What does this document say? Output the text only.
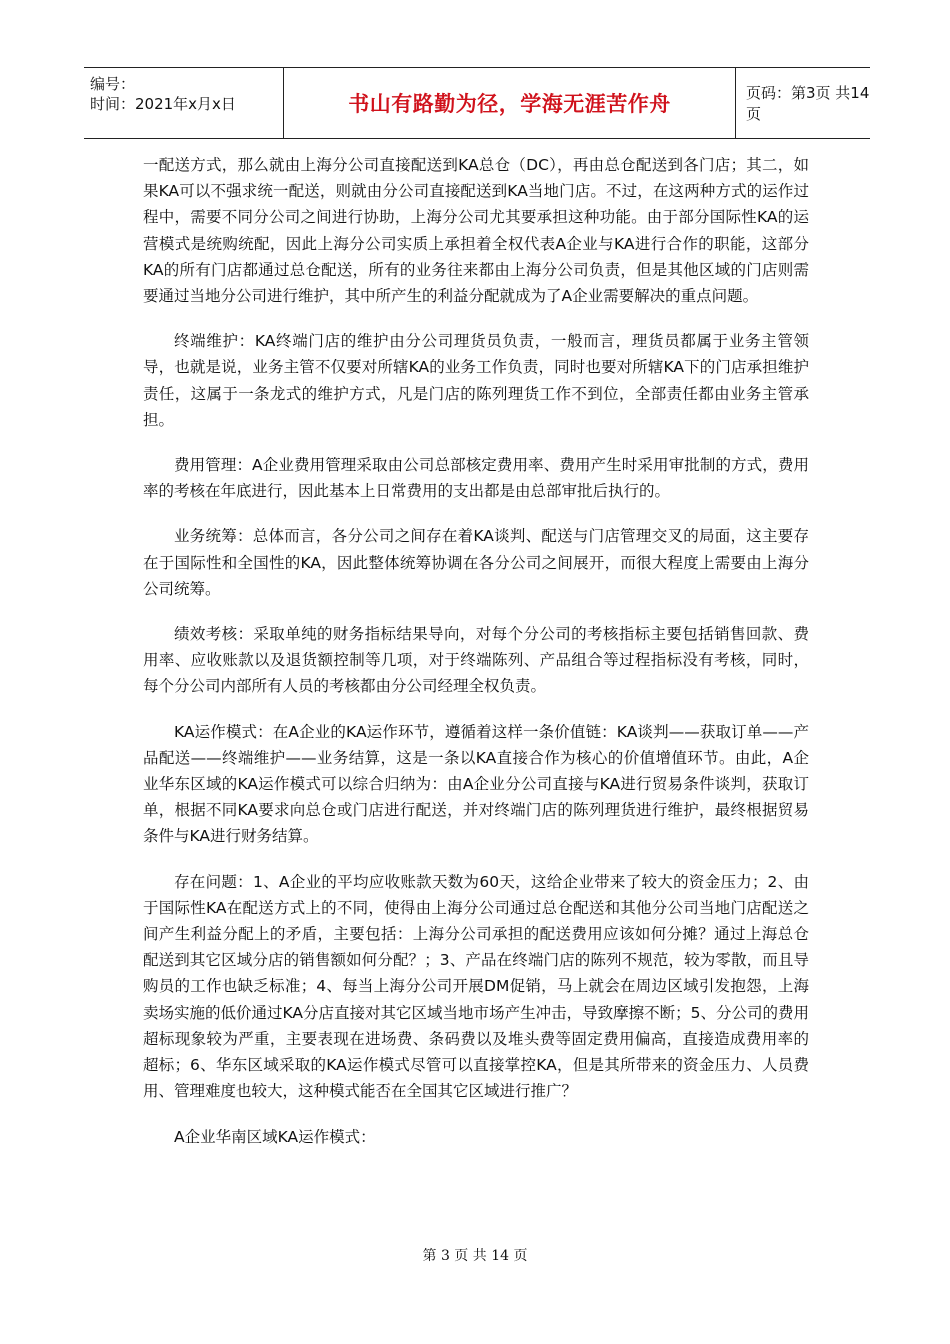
编号：
时间：2021年x月x日	书山有路勤为径，学海无涯苦作舟	页码：第3页 共14页

一配送方式，那么就由上海分公司直接配送到KA总仓（DC），再由总仓配送到各门店；其二，如果KA可以不强求统一配送，则就由分公司直接配送到KA当地门店。不过，在这两种方式的运作过程中，需要不同分公司之间进行协助，上海分公司尤其要承担这种功能。由于部分国际性KA的运营模式是统购统配，因此上海分公司实质上承担着全权代表A企业与KA进行合作的职能，这部分KA的所有门店都通过总仓配送，所有的业务往来都由上海分公司负责，但是其他区域的门店则需要通过当地分公司进行维护，其中所产生的利益分配就成为了A企业需要解决的重点问题。

终端维护：KA终端门店的维护由分公司理货员负责，一般而言，理货员都属于业务主管领导，也就是说，业务主管不仅要对所辖KA的业务工作负责，同时也要对所辖KA下的门店承担维护责任，这属于一条龙式的维护方式，凡是门店的陈列理货工作不到位，全部责任都由业务主管承担。

费用管理：A企业费用管理采取由公司总部核定费用率、费用产生时采用审批制的方式，费用率的考核在年底进行，因此基本上日常费用的支出都是由总部审批后执行的。

业务统筹：总体而言，各分公司之间存在着KA谈判、配送与门店管理交叉的局面，这主要存在于国际性和全国性的KA，因此整体统筹协调在各分公司之间展开，而很大程度上需要由上海分公司统筹。

绩效考核：采取单纯的财务指标结果导向，对每个分公司的考核指标主要包括销售回款、费用率、应收账款以及退货额控制等几项，对于终端陈列、产品组合等过程指标没有考核，同时，每个分公司内部所有人员的考核都由分公司经理全权负责。

KA运作模式：在A企业的KA运作环节，遵循着这样一条价值链：KA谈判——获取订单——产品配送——终端维护——业务结算，这是一条以KA直接合作为核心的价值增值环节。由此，A企业华东区域的KA运作模式可以综合归纳为：由A企业分公司直接与KA进行贸易条件谈判，获取订单，根据不同KA要求向总仓或门店进行配送，并对终端门店的陈列理货进行维护，最终根据贸易条件与KA进行财务结算。

存在问题：1、A企业的平均应收账款天数为60天，这给企业带来了较大的资金压力；2、由于国际性KA在配送方式上的不同，使得由上海分公司通过总仓配送和其他分公司当地门店配送之间产生利益分配上的矛盾，主要包括：上海分公司承担的配送费用应该如何分摊？通过上海总仓配送到其它区域分店的销售额如何分配？；3、产品在终端门店的陈列不规范，较为零散，而且导购员的工作也缺乏标准；4、每当上海分公司开展DM促销，马上就会在周边区域引发抱怨，上海卖场实施的低价通过KA分店直接对其它区域当地市场产生冲击，导致摩擦不断；5、分公司的费用超标现象较为严重，主要表现在进场费、条码费以及堆头费等固定费用偏高，直接造成费用率的超标；6、华东区域采取的KA运作模式尽管可以直接掌控KA，但是其所带来的资金压力、人员费用、管理难度也较大，这种模式能否在全国其它区域进行推广？

A企业华南区域KA运作模式：

第 3 页 共 14 页
